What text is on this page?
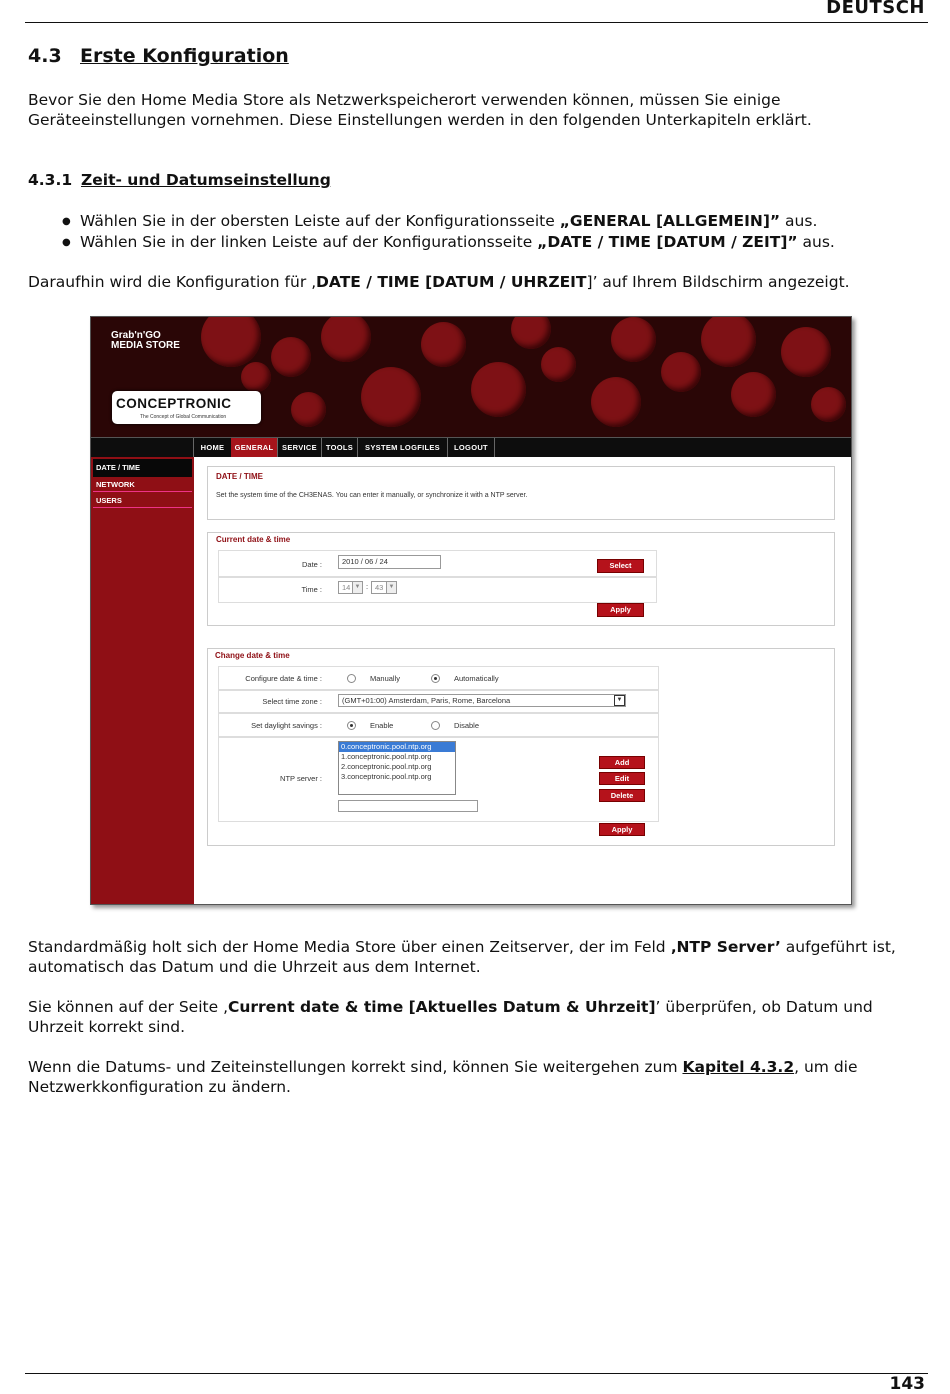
DEUTSCH
4.3 Erste Konfiguration
Bevor Sie den Home Media Store als Netzwerkspeicherort verwenden können, müssen Sie einige Geräteeinstellungen vornehmen. Diese Einstellungen werden in den folgenden Unterkapiteln erklärt.
4.3.1 Zeit- und Datumseinstellung
● Wählen Sie in der obersten Leiste auf der Konfigurationsseite „GENERAL [ALLGEMEIN]” aus.
● Wählen Sie in der linken Leiste auf der Konfigurationsseite „DATE / TIME [DATUM / ZEIT]” aus.
Daraufhin wird die Konfiguration für ‚DATE / TIME [DATUM / UHRZEIT]’ auf Ihrem Bildschirm angezeigt.
Grab'n'GO
MEDIA STORE
CONCEPTRONIC
The Concept of Global Communication
HOME	GENERAL	SERVICE	TOOLS	SYSTEM LOGFILES	LOGOUT
DATE / TIME
NETWORK
USERS
DATE / TIME
Set the system time of the CH3ENAS. You can enter it manually, or synchronize it with a NTP server.
Current date & time
Date :	2010 / 06 / 24	Select
Time :	14 ▼ : 43 ▼
Apply
Change date & time
Configure date & time :	Manually	Automatically
Select time zone :	(GMT+01:00) Amsterdam, Paris, Rome, Barcelona	▼
Set daylight savings :	Enable	Disable
NTP server :
0.conceptronic.pool.ntp.org
1.conceptronic.pool.ntp.org
2.conceptronic.pool.ntp.org
3.conceptronic.pool.ntp.org
Add
Edit
Delete
Apply
Standardmäßig holt sich der Home Media Store über einen Zeitserver, der im Feld ‚NTP Server’ aufgeführt ist, automatisch das Datum und die Uhrzeit aus dem Internet.
Sie können auf der Seite ‚Current date & time [Aktuelles Datum & Uhrzeit]’ überprüfen, ob Datum und Uhrzeit korrekt sind.
Wenn die Datums- und Zeiteinstellungen korrekt sind, können Sie weitergehen zum Kapitel 4.3.2, um die Netzwerkkonfiguration zu ändern.
143
